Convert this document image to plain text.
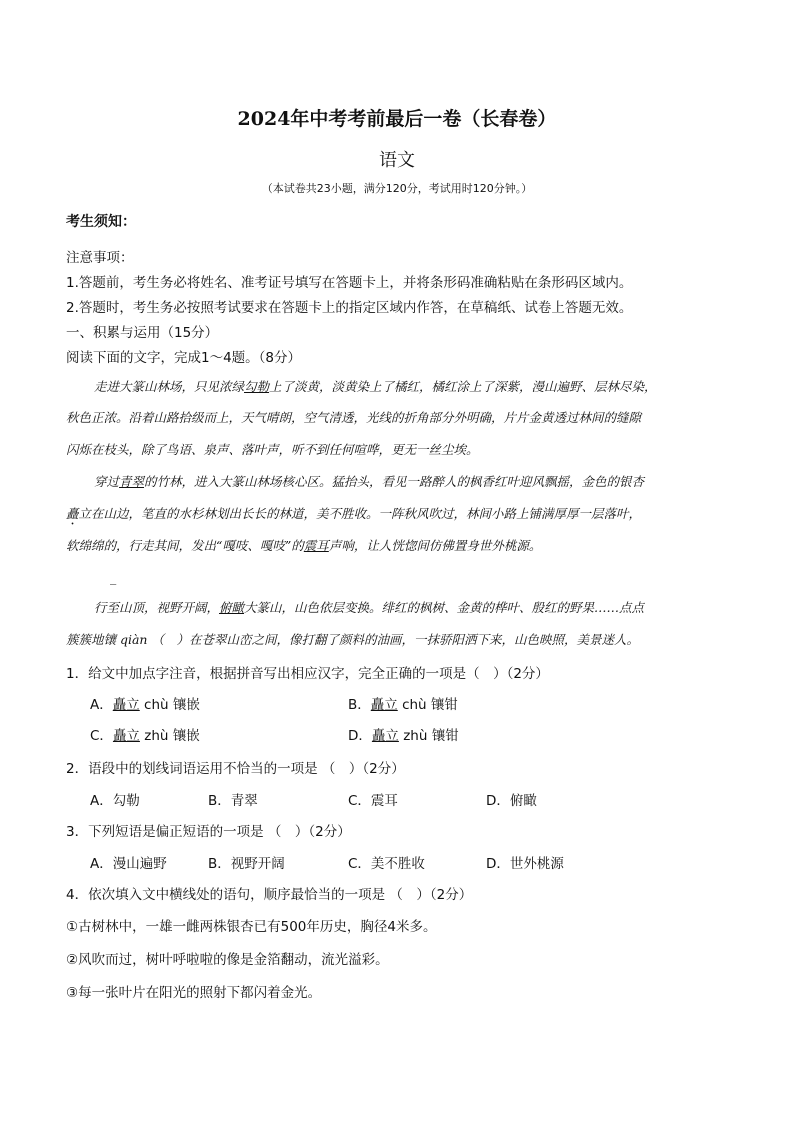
2024年中考考前最后一卷（长春卷）
语文
（本试卷共23小题，满分120分，考试用时120分钟。）
考生须知：
注意事项：
1.答题前，考生务必将姓名、准考证号填写在答题卡上，并将条形码准确粘贴在条形码区域内。
2.答题时，考生务必按照考试要求在答题卡上的指定区域内作答，在草稿纸、试卷上答题无效。
一、积累与运用（15分）
阅读下面的文字，完成1～4题。（8分）
走进大篆山林场，只见浓绿勾勒上了淡黄，淡黄染上了橘红，橘红涂上了深紫，漫山遍野、层林尽染，
秋色正浓。沿着山路拾级而上，天气晴朗，空气清透，光线的折角部分外明确，片片金黄透过林间的缝隙
闪烁在枝头，除了鸟语、泉声、落叶声，听不到任何喧哗，更无一丝尘埃。
穿过青翠的竹林，进入大篆山林场核心区。猛抬头，看见一路醉人的枫香红叶迎风飘摇，金色的银杏
矗立在山边，笔直的水杉林划出长长的林道，美不胜收。一阵秋风吹过，林间小路上铺满厚厚一层落叶，
软绵绵的，行走其间，发出“嘎吱、嘎吱”的震耳声响，让人恍惚间仿佛置身世外桃源。
_
行至山顶，视野开阔，俯瞰大篆山，山色依层变换。绯红的枫树、金黄的桦叶、殷红的野果……点点
簇簇地镶 qiàn （　）在苍翠山峦之间，像打翻了颜料的油画，一抹骄阳洒下来，山色映照，美景迷人。
1．给文中加点字注音，根据拼音写出相应汉字，完全正确的一项是（　）（2分）
A．矗立 chù 镶嵌	B．矗立 chù 镶钳
C．矗立 zhù 镶嵌	D．矗立 zhù 镶钳
2．语段中的划线词语运用不恰当的一项是 （　）（2分）
A．勾勒	B．青翠	C．震耳	D．俯瞰
3．下列短语是偏正短语的一项是 （　）（2分）
A．漫山遍野	B．视野开阔	C．美不胜收	D．世外桃源
4．依次填入文中横线处的语句，顺序最恰当的一项是 （　）（2分）
①古树林中，一雄一雌两株银杏已有500年历史，胸径4米多。
②风吹而过，树叶呼啦啦的像是金箔翻动，流光溢彩。
③每一张叶片在阳光的照射下都闪着金光。
